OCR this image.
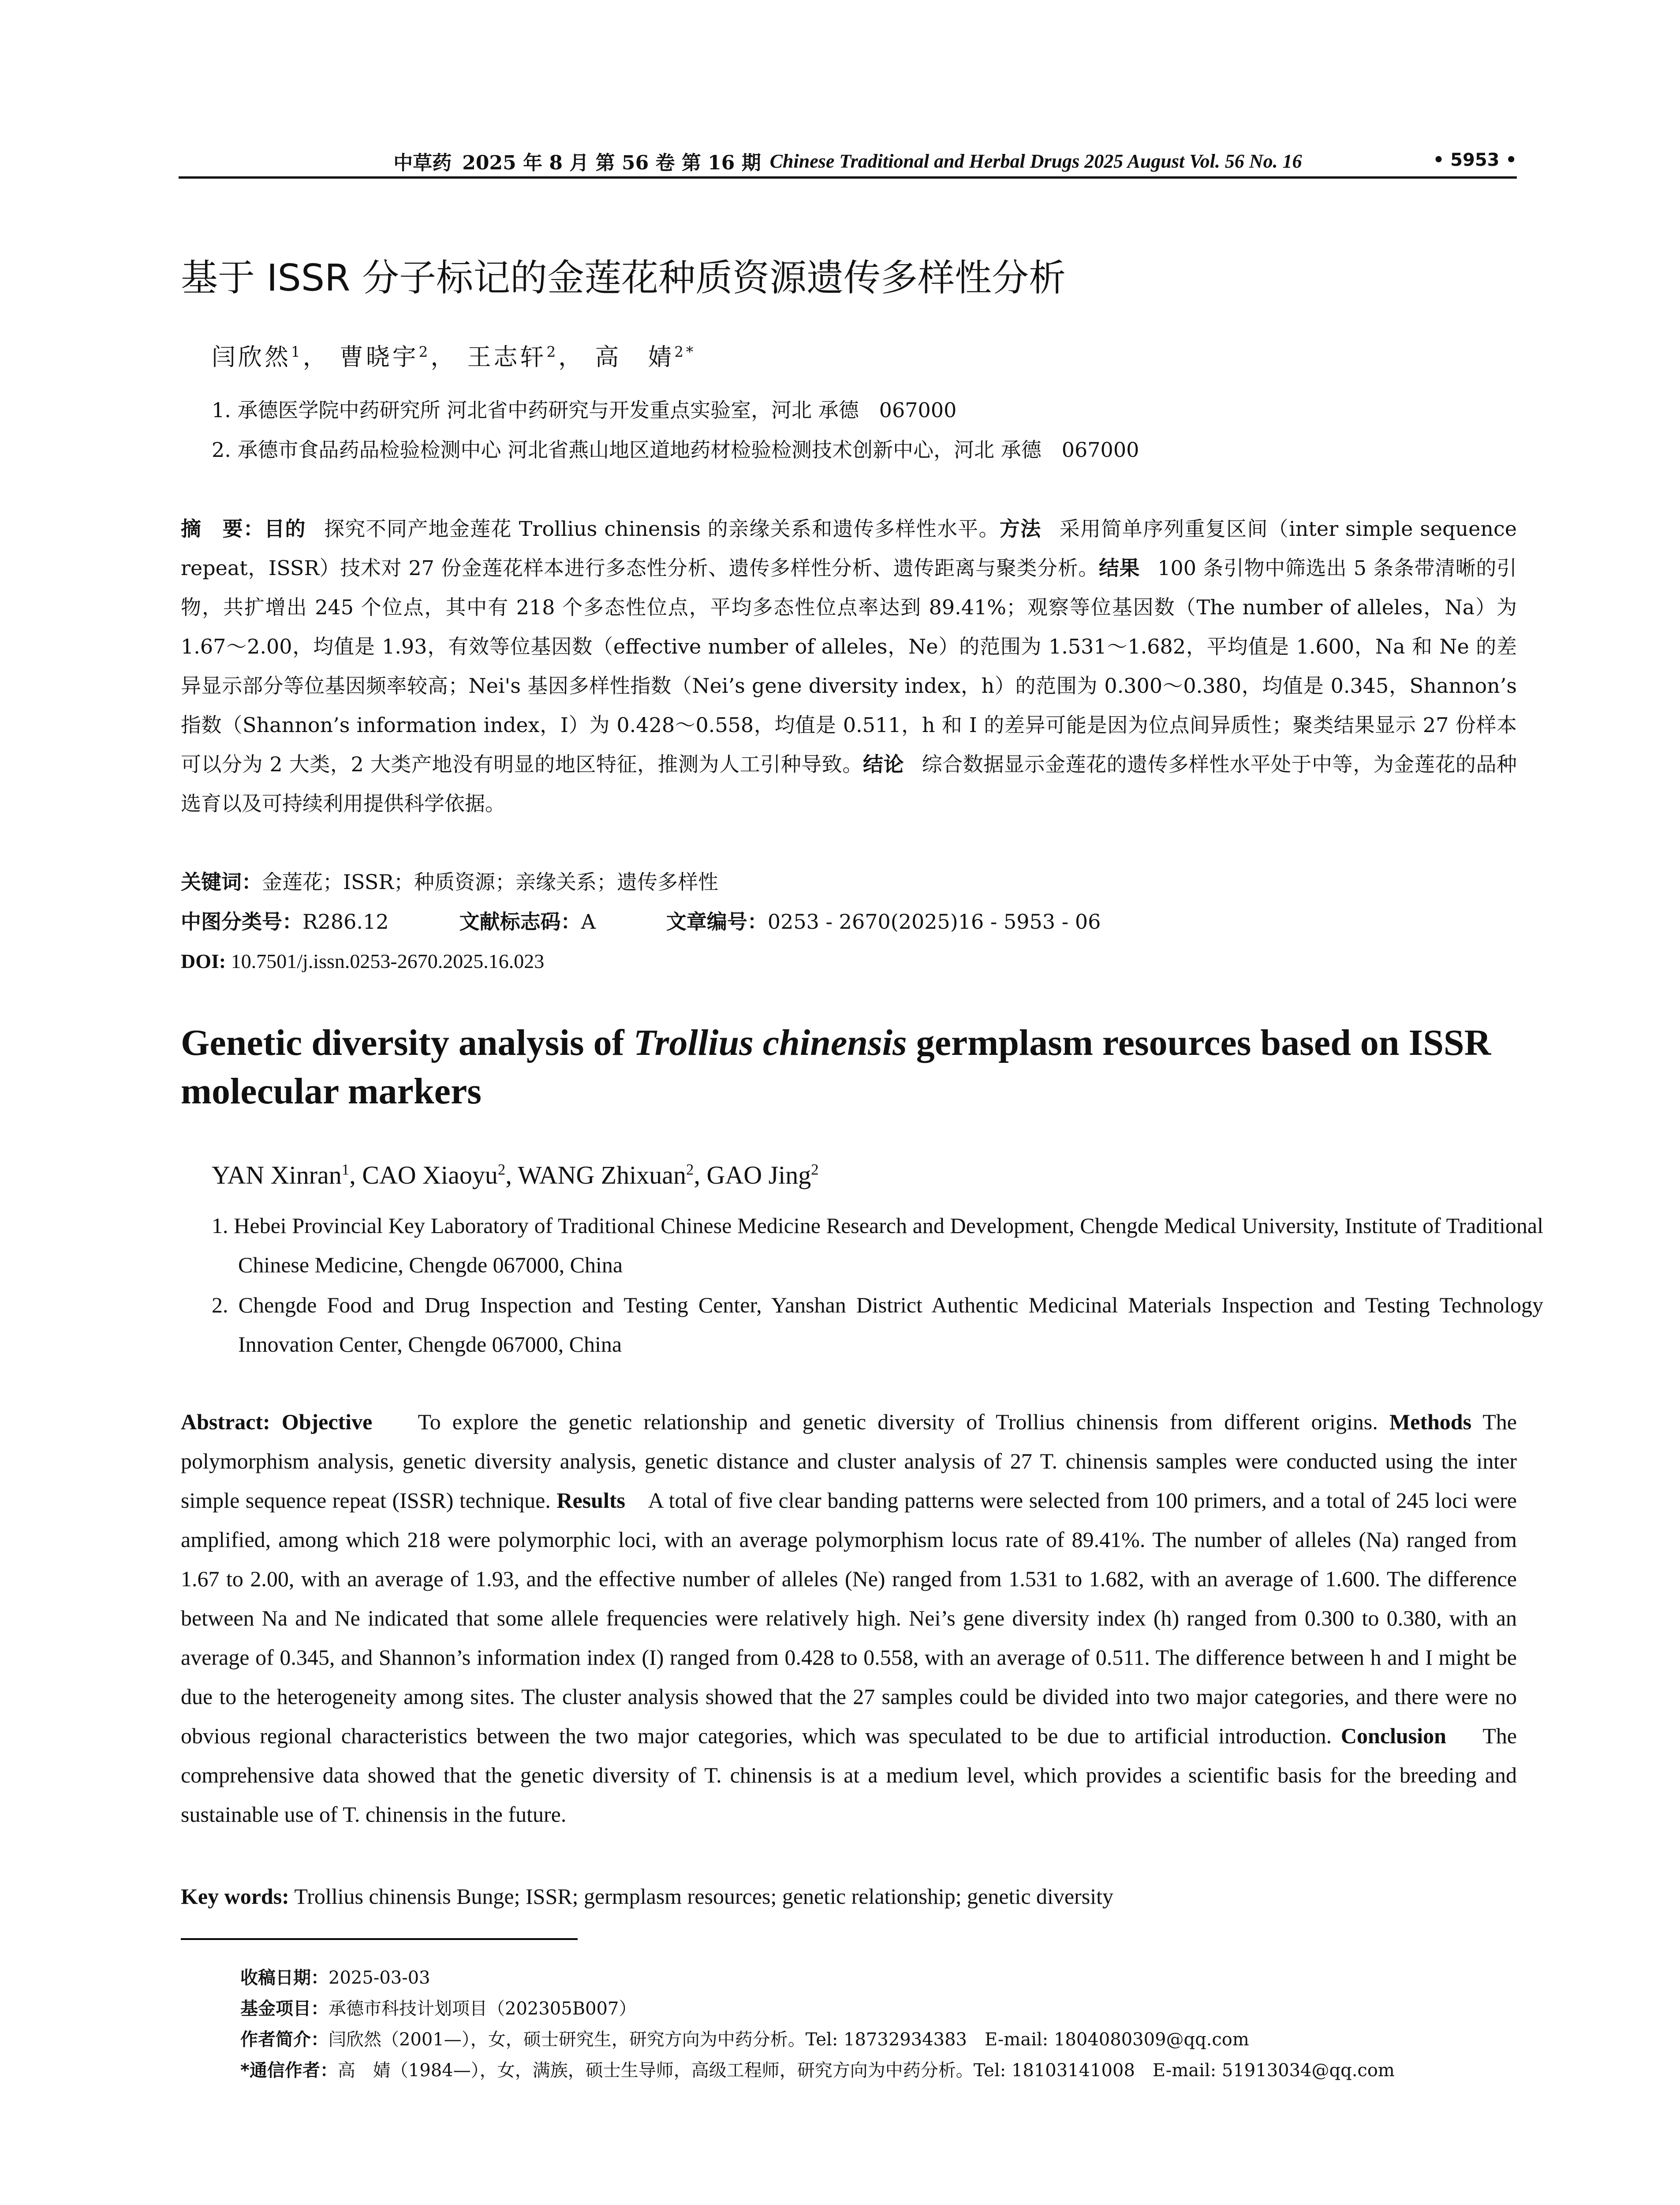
中草药 2025 年 8 月 第 56 卷 第 16 期 Chinese Traditional and Herbal Drugs 2025 August Vol. 56 No. 16	• 5953 •
基于 ISSR 分子标记的金莲花种质资源遗传多样性分析
闫欣然$^1$， 曹晓宇$^2$， 王志轩$^2$， 高　婧$^{2*}$
1. 承德医学院中药研究所 河北省中药研究与开发重点实验室，河北 承德　067000
2. 承德市食品药品检验检测中心 河北省燕山地区道地药材检验检测技术创新中心，河北 承德　067000
摘　要：目的 探究不同产地金莲花 Trollius chinensis 的亲缘关系和遗传多样性水平。方法 采用简单序列重复区间（inter simple sequence repeat，ISSR）技术对 27 份金莲花样本进行多态性分析、遗传多样性分析、遗传距离与聚类分析。结果 100 条引物中筛选出 5 条条带清晰的引物，共扩增出 245 个位点，其中有 218 个多态性位点，平均多态性位点率达到 89.41%；观察等位基因数（The number of alleles，Na）为 1.67～2.00，均值是 1.93，有效等位基因数（effective number of alleles，Ne）的范围为 1.531～1.682，平均值是 1.600，Na 和 Ne 的差异显示部分等位基因频率较高；Nei's 基因多样性指数（Nei’s gene diversity index，h）的范围为 0.300～0.380，均值是 0.345，Shannon’s 指数（Shannon’s information index，I）为 0.428～0.558，均值是 0.511，h 和 I 的差异可能是因为位点间异质性；聚类结果显示 27 份样本可以分为 2 大类，2 大类产地没有明显的地区特征，推测为人工引种导致。结论 综合数据显示金莲花的遗传多样性水平处于中等，为金莲花的品种选育以及可持续利用提供科学依据。
关键词：金莲花；ISSR；种质资源；亲缘关系；遗传多样性
中图分类号：R286.12	文献标志码：A	文章编号：0253 - 2670(2025)16 - 5953 - 06
DOI: 10.7501/j.issn.0253-2670.2025.16.023
Genetic diversity analysis of Trollius chinensis germplasm resources based on ISSR molecular markers
YAN Xinran$^1$, CAO Xiaoyu$^2$, WANG Zhixuan$^2$, GAO Jing$^2$
1. Hebei Provincial Key Laboratory of Traditional Chinese Medicine Research and Development, Chengde Medical University, Institute of Traditional Chinese Medicine, Chengde 067000, China
2. Chengde Food and Drug Inspection and Testing Center, Yanshan District Authentic Medicinal Materials Inspection and Testing Technology Innovation Center, Chengde 067000, China
Abstract: Objective To explore the genetic relationship and genetic diversity of Trollius chinensis from different origins. Methods The polymorphism analysis, genetic diversity analysis, genetic distance and cluster analysis of 27 T. chinensis samples were conducted using the inter simple sequence repeat (ISSR) technique. Results A total of five clear banding patterns were selected from 100 primers, and a total of 245 loci were amplified, among which 218 were polymorphic loci, with an average polymorphism locus rate of 89.41%. The number of alleles (Na) ranged from 1.67 to 2.00, with an average of 1.93, and the effective number of alleles (Ne) ranged from 1.531 to 1.682, with an average of 1.600. The difference between Na and Ne indicated that some allele frequencies were relatively high. Nei’s gene diversity index (h) ranged from 0.300 to 0.380, with an average of 0.345, and Shannon’s information index (I) ranged from 0.428 to 0.558, with an average of 0.511. The difference between h and I might be due to the heterogeneity among sites. The cluster analysis showed that the 27 samples could be divided into two major categories, and there were no obvious regional characteristics between the two major categories, which was speculated to be due to artificial introduction. Conclusion The comprehensive data showed that the genetic diversity of T. chinensis is at a medium level, which provides a scientific basis for the breeding and sustainable use of T. chinensis in the future.
Key words: Trollius chinensis Bunge; ISSR; germplasm resources; genetic relationship; genetic diversity
收稿日期：2025-03-03
基金项目：承德市科技计划项目（202305B007）
作者简介：闫欣然（2001—），女，硕士研究生，研究方向为中药分析。Tel: 18732934383　E-mail: 1804080309@qq.com
*通信作者：高　婧（1984—），女，满族，硕士生导师，高级工程师，研究方向为中药分析。Tel: 18103141008　E-mail: 51913034@qq.com
